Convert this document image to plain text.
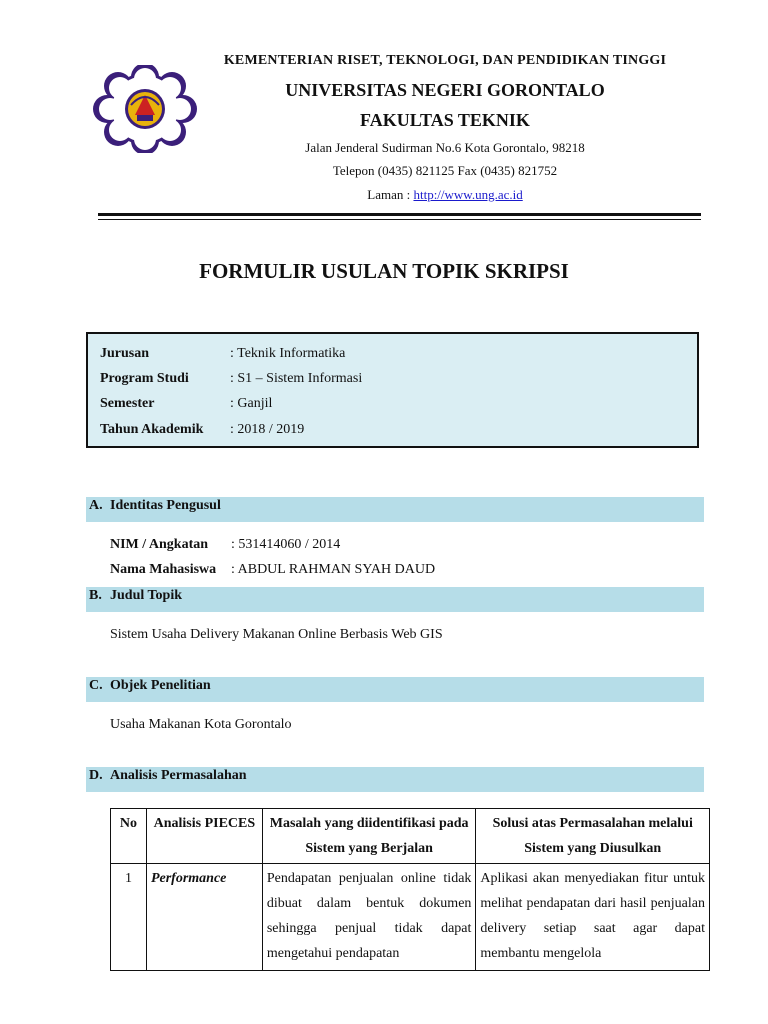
KEMENTERIAN RISET, TEKNOLOGI, DAN PENDIDIKAN TINGGI
UNIVERSITAS NEGERI GORONTALO
FAKULTAS TEKNIK
Jalan Jenderal Sudirman No.6 Kota Gorontalo, 98218
Telepon (0435) 821125 Fax (0435) 821752
Laman : http://www.ung.ac.id
FORMULIR USULAN TOPIK SKRIPSI
Jurusan	: Teknik Informatika
Program Studi	: S1 – Sistem Informasi
Semester	: Ganjil
Tahun Akademik	: 2018 / 2019
A. Identitas Pengusul
NIM / Angkatan : 531414060 / 2014
Nama Mahasiswa : ABDUL RAHMAN SYAH DAUD
B. Judul Topik
Sistem Usaha Delivery Makanan Online Berbasis Web GIS
C. Objek Penelitian
Usaha Makanan Kota Gorontalo
D. Analisis Permasalahan
No	Analisis PIECES	Masalah yang diidentifikasi pada Sistem yang Berjalan	Solusi atas Permasalahan melalui Sistem yang Diusulkan
1	Performance	Pendapatan penjualan online tidak dibuat dalam bentuk dokumen sehingga penjual tidak dapat mengetahui pendapatan	Aplikasi akan menyediakan fitur untuk melihat pendapatan dari hasil penjualan delivery setiap saat agar dapat membantu mengelola
